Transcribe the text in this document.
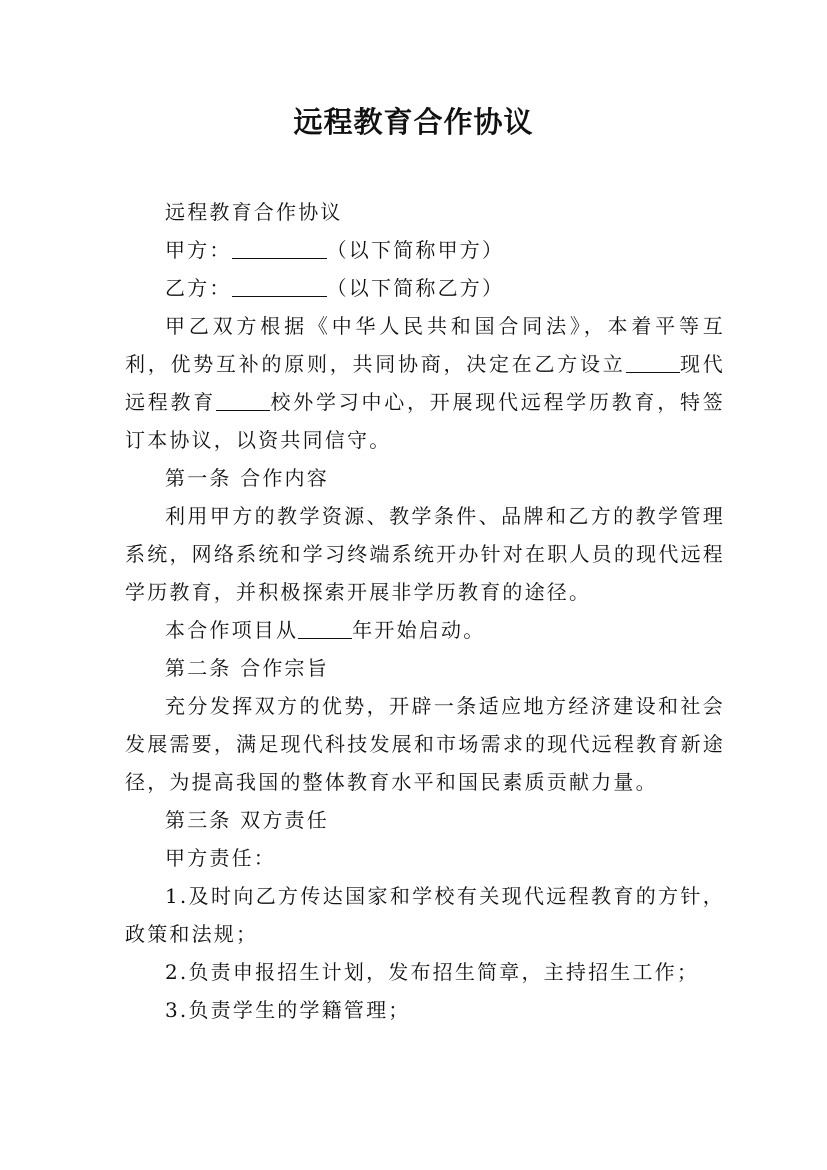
远程教育合作协议

远程教育合作协议

甲方：	（以下简称甲方）

乙方：	（以下简称乙方）

甲乙双方根据《中华人民共和国合同法》，本着平等互利，优势互补的原则，共同协商，决定在乙方设立	现代远程教育	校外学习中心，开展现代远程学历教育，特签订本协议，以资共同信守。

第一条 合作内容

利用甲方的教学资源、教学条件、品牌和乙方的教学管理系统，网络系统和学习终端系统开办针对在职人员的现代远程学历教育，并积极探索开展非学历教育的途径。

本合作项目从	年开始启动。

第二条 合作宗旨

充分发挥双方的优势，开辟一条适应地方经济建设和社会发展需要，满足现代科技发展和市场需求的现代远程教育新途径，为提高我国的整体教育水平和国民素质贡献力量。

第三条 双方责任

甲方责任：

1.及时向乙方传达国家和学校有关现代远程教育的方针，政策和法规；

2.负责申报招生计划，发布招生简章，主持招生工作；

3.负责学生的学籍管理；
